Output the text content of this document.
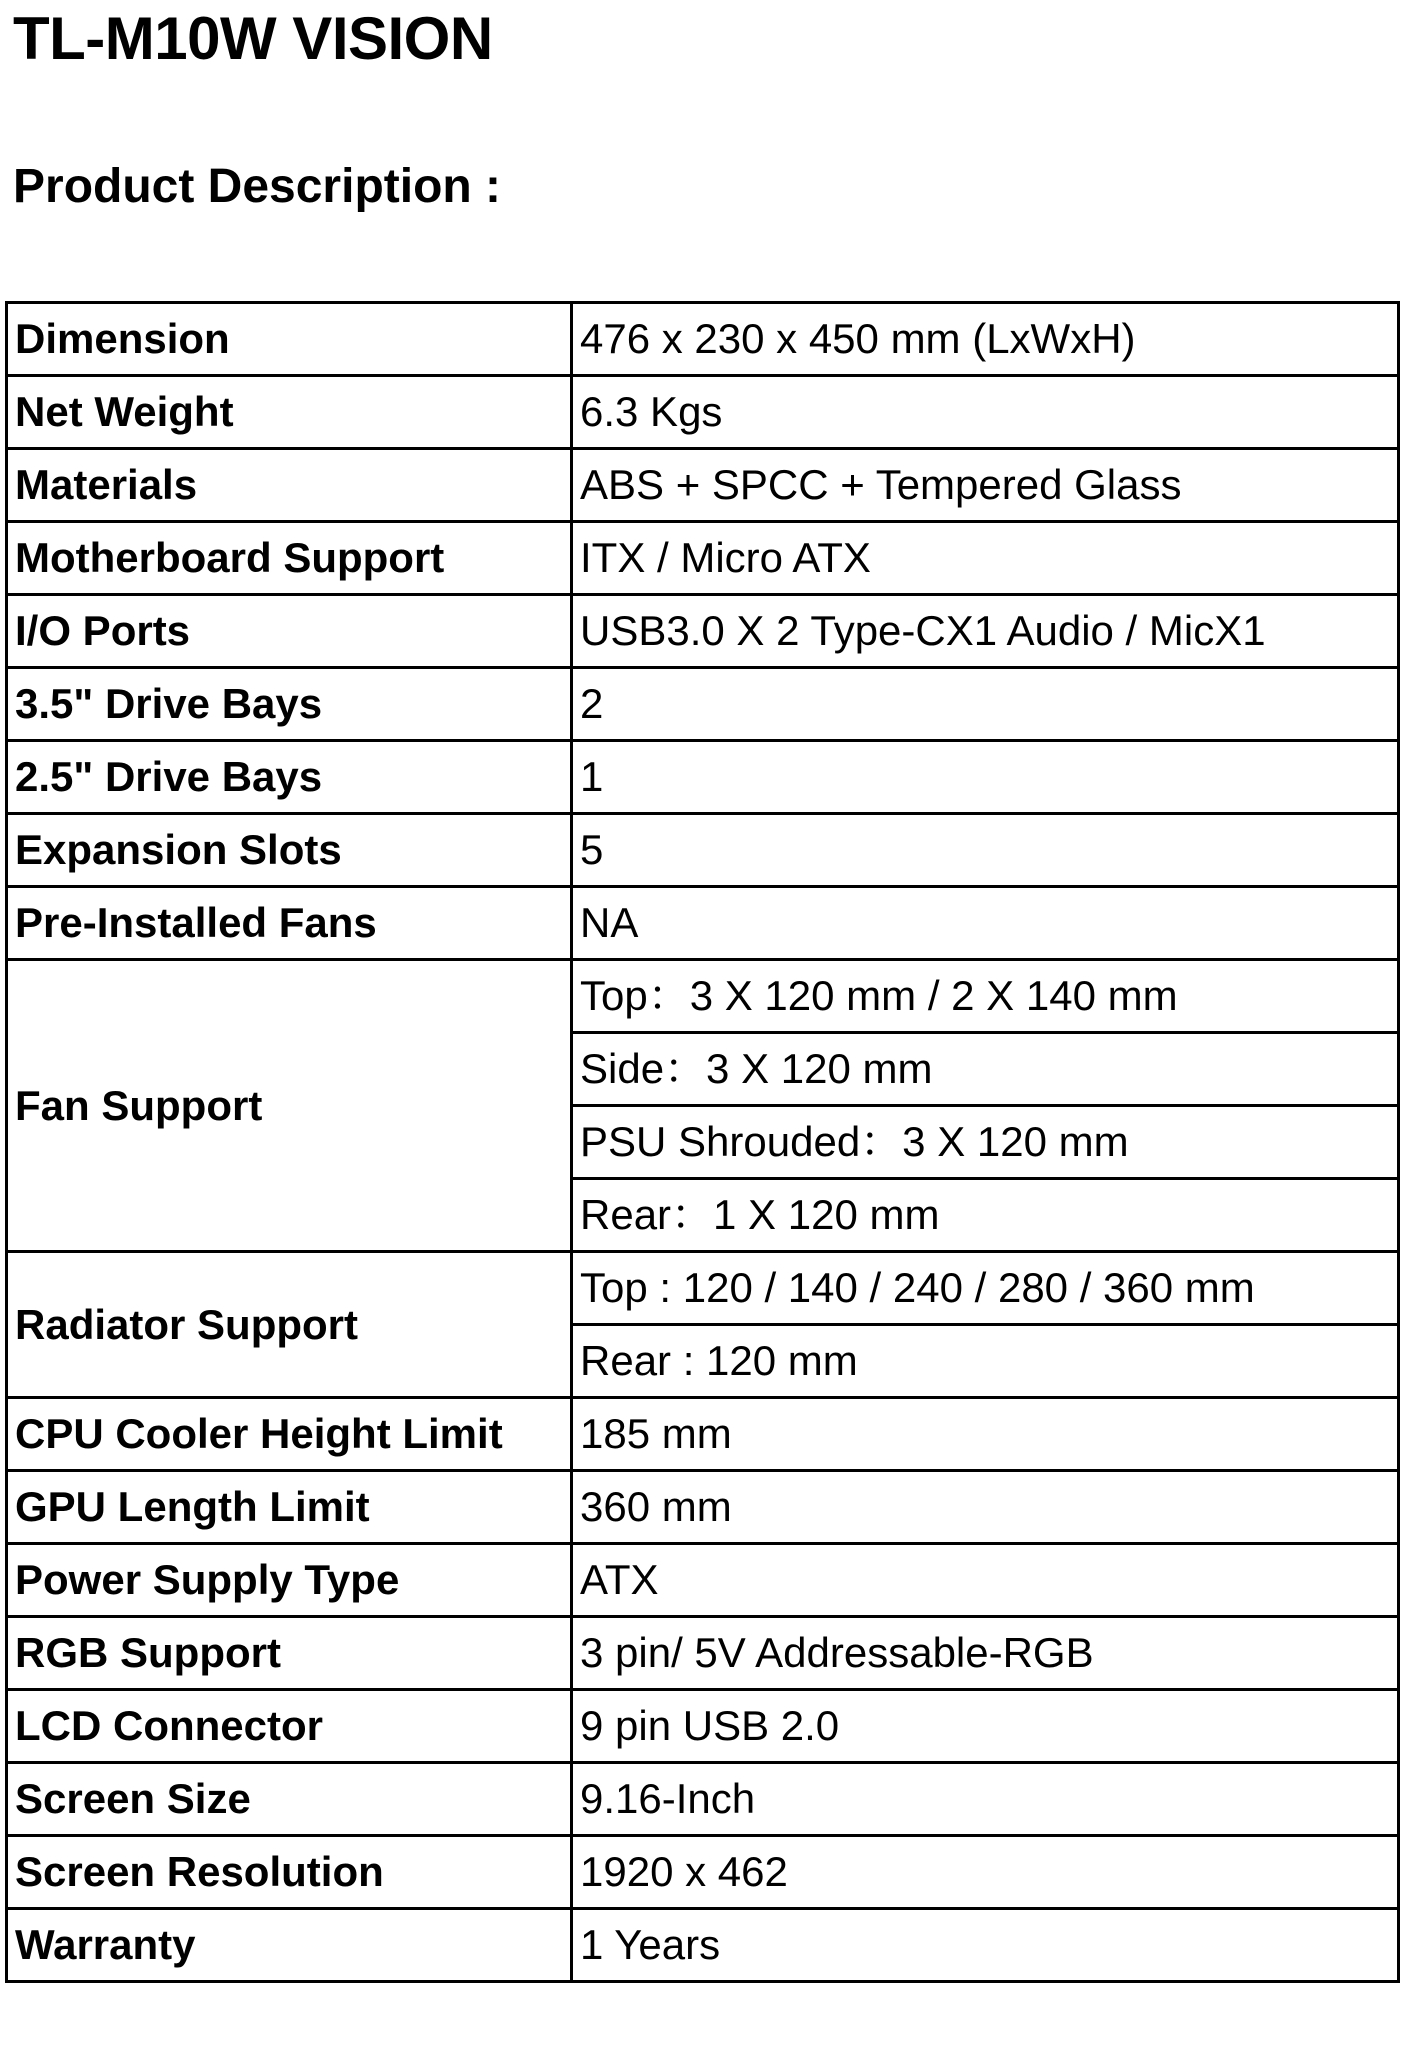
TL-M10W VISION
Product Description :
Dimension	476 x 230 x 450 mm (LxWxH)
Net Weight	6.3 Kgs
Materials	ABS + SPCC + Tempered Glass
Motherboard Support	ITX / Micro ATX
I/O Ports	USB3.0 X 2 Type-CX1 Audio / MicX1
3.5" Drive Bays	2
2.5" Drive Bays	1
Expansion Slots	5
Pre-Installed Fans	NA
Fan Support	Top：3 X 120 mm / 2 X 140 mm
	Side：3 X 120 mm
	PSU Shrouded：3 X 120 mm
	Rear：1 X 120 mm
Radiator Support	Top : 120 / 140 / 240 / 280 / 360 mm
	Rear : 120 mm
CPU Cooler Height Limit	185 mm
GPU Length Limit	360 mm
Power Supply Type	ATX
RGB Support	3 pin/ 5V Addressable-RGB
LCD Connector	9 pin USB 2.0
Screen Size	9.16-Inch
Screen Resolution	1920 x 462
Warranty	1 Years
